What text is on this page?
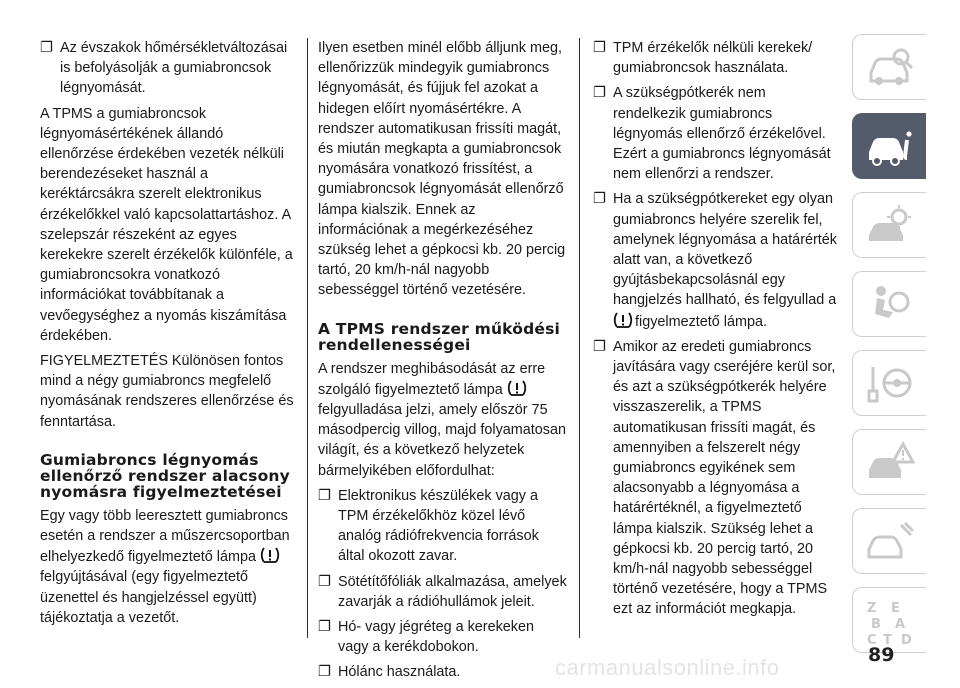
❐ Az évszakok hőmérsékletváltozásai is befolyásolják a gumiabroncsok légnyomását.

A TPMS a gumiabroncsok légnyomásértékének állandó ellenőrzése érdekében vezeték nélküli berendezéseket használ a keréktárcsákra szerelt elektronikus érzékelőkkel való kapcsolattartáshoz. A szelepszár részeként az egyes kerekekre szerelt érzékelők különféle, a gumiabroncsokra vonatkozó információkat továbbítanak a vevőegységhez a nyomás kiszámítása érdekében.

FIGYELMEZTETÉS Különösen fontos mind a négy gumiabroncs megfelelő nyomásának rendszeres ellenőrzése és fenntartása.

Gumiabroncs légnyomás ellenőrző rendszer alacsony nyomásra figyelmeztetései

Egy vagy több leeresztett gumiabroncs esetén a rendszer a műszercsoportban elhelyezkedő figyelmeztető lámpa felgyújtásával (egy figyelmeztető üzenettel és hangjelzéssel együtt) tájékoztatja a vezetőt.

Ilyen esetben minél előbb álljunk meg, ellenőrizzük mindegyik gumiabroncs légnyomását, és fújjuk fel azokat a hidegen előírt nyomásértékre. A rendszer automatikusan frissíti magát, és miután megkapta a gumiabroncsok nyomására vonatkozó frissítést, a gumiabroncsok légnyomását ellenőrző lámpa kialszik. Ennek az információnak a megérkezéséhez szükség lehet a gépkocsi kb. 20 percig tartó, 20 km/h-nál nagyobb sebességgel történő vezetésére.

A TPMS rendszer működési rendellenességei

A rendszer meghibásodását az erre szolgáló figyelmeztető lámpa felgyulladása jelzi, amely először 75 másodpercig villog, majd folyamatosan világít, és a következő helyzetek bármelyikében előfordulhat:

❐ Elektronikus készülékek vagy a TPM érzékelőkhöz közel lévő analóg rádiófrekvencia források által okozott zavar.
❐ Sötétítőfóliák alkalmazása, amelyek zavarják a rádióhullámok jeleit.
❐ Hó- vagy jégréteg a kerekeken vagy a kerékdobokon.
❐ Hólánc használata.
❐ TPM érzékelők nélküli kerekek/ gumiabroncsok használata.
❐ A szükségpótkerék nem rendelkezik gumiabroncs légnyomás ellenőrző érzékelővel. Ezért a gumiabroncs légnyomását nem ellenőrzi a rendszer.
❐ Ha a szükségpótkereket egy olyan gumiabroncs helyére szerelik fel, amelynek légnyomása a határérték alatt van, a következő gyújtásbekapcsolásnál egy hangjelzés hallható, és felgyullad a figyelmeztető lámpa.
❐ Amikor az eredeti gumiabroncs javítására vagy cseréjére kerül sor, és azt a szükségpótkerék helyére visszaszerelik, a TPMS automatikusan frissíti magát, és amennyiben a felszerelt négy gumiabroncs egyikének sem alacsonyabb a légnyomása a határértéknél, a figyelmeztető lámpa kialszik. Szükség lehet a gépkocsi kb. 20 percig tartó, 20 km/h-nál nagyobb sebességgel történő vezetésére, hogy a TPMS ezt az információt megkapja.	Z E
B A
C T D
89
carmanualsonline.info
